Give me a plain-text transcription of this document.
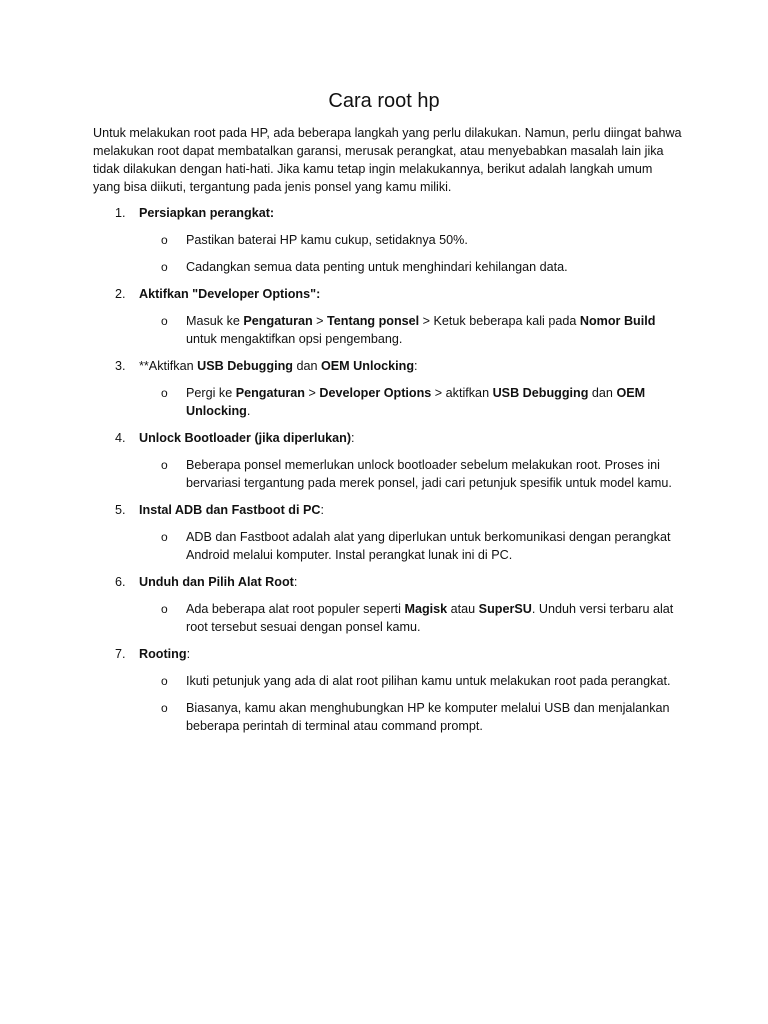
Cara root hp

Untuk melakukan root pada HP, ada beberapa langkah yang perlu dilakukan. Namun, perlu diingat bahwa melakukan root dapat membatalkan garansi, merusak perangkat, atau menyebabkan masalah lain jika tidak dilakukan dengan hati-hati. Jika kamu tetap ingin melakukannya, berikut adalah langkah umum yang bisa diikuti, tergantung pada jenis ponsel yang kamu miliki.

1. Persiapkan perangkat:
o Pastikan baterai HP kamu cukup, setidaknya 50%.
o Cadangkan semua data penting untuk menghindari kehilangan data.
2. Aktifkan "Developer Options":
o Masuk ke Pengaturan > Tentang ponsel > Ketuk beberapa kali pada Nomor Build untuk mengaktifkan opsi pengembang.
3. **Aktifkan USB Debugging dan OEM Unlocking:
o Pergi ke Pengaturan > Developer Options > aktifkan USB Debugging dan OEM Unlocking.
4. Unlock Bootloader (jika diperlukan):
o Beberapa ponsel memerlukan unlock bootloader sebelum melakukan root. Proses ini bervariasi tergantung pada merek ponsel, jadi cari petunjuk spesifik untuk model kamu.
5. Instal ADB dan Fastboot di PC:
o ADB dan Fastboot adalah alat yang diperlukan untuk berkomunikasi dengan perangkat Android melalui komputer. Instal perangkat lunak ini di PC.
6. Unduh dan Pilih Alat Root:
o Ada beberapa alat root populer seperti Magisk atau SuperSU. Unduh versi terbaru alat root tersebut sesuai dengan ponsel kamu.
7. Rooting:
o Ikuti petunjuk yang ada di alat root pilihan kamu untuk melakukan root pada perangkat.
o Biasanya, kamu akan menghubungkan HP ke komputer melalui USB dan menjalankan beberapa perintah di terminal atau command prompt.
